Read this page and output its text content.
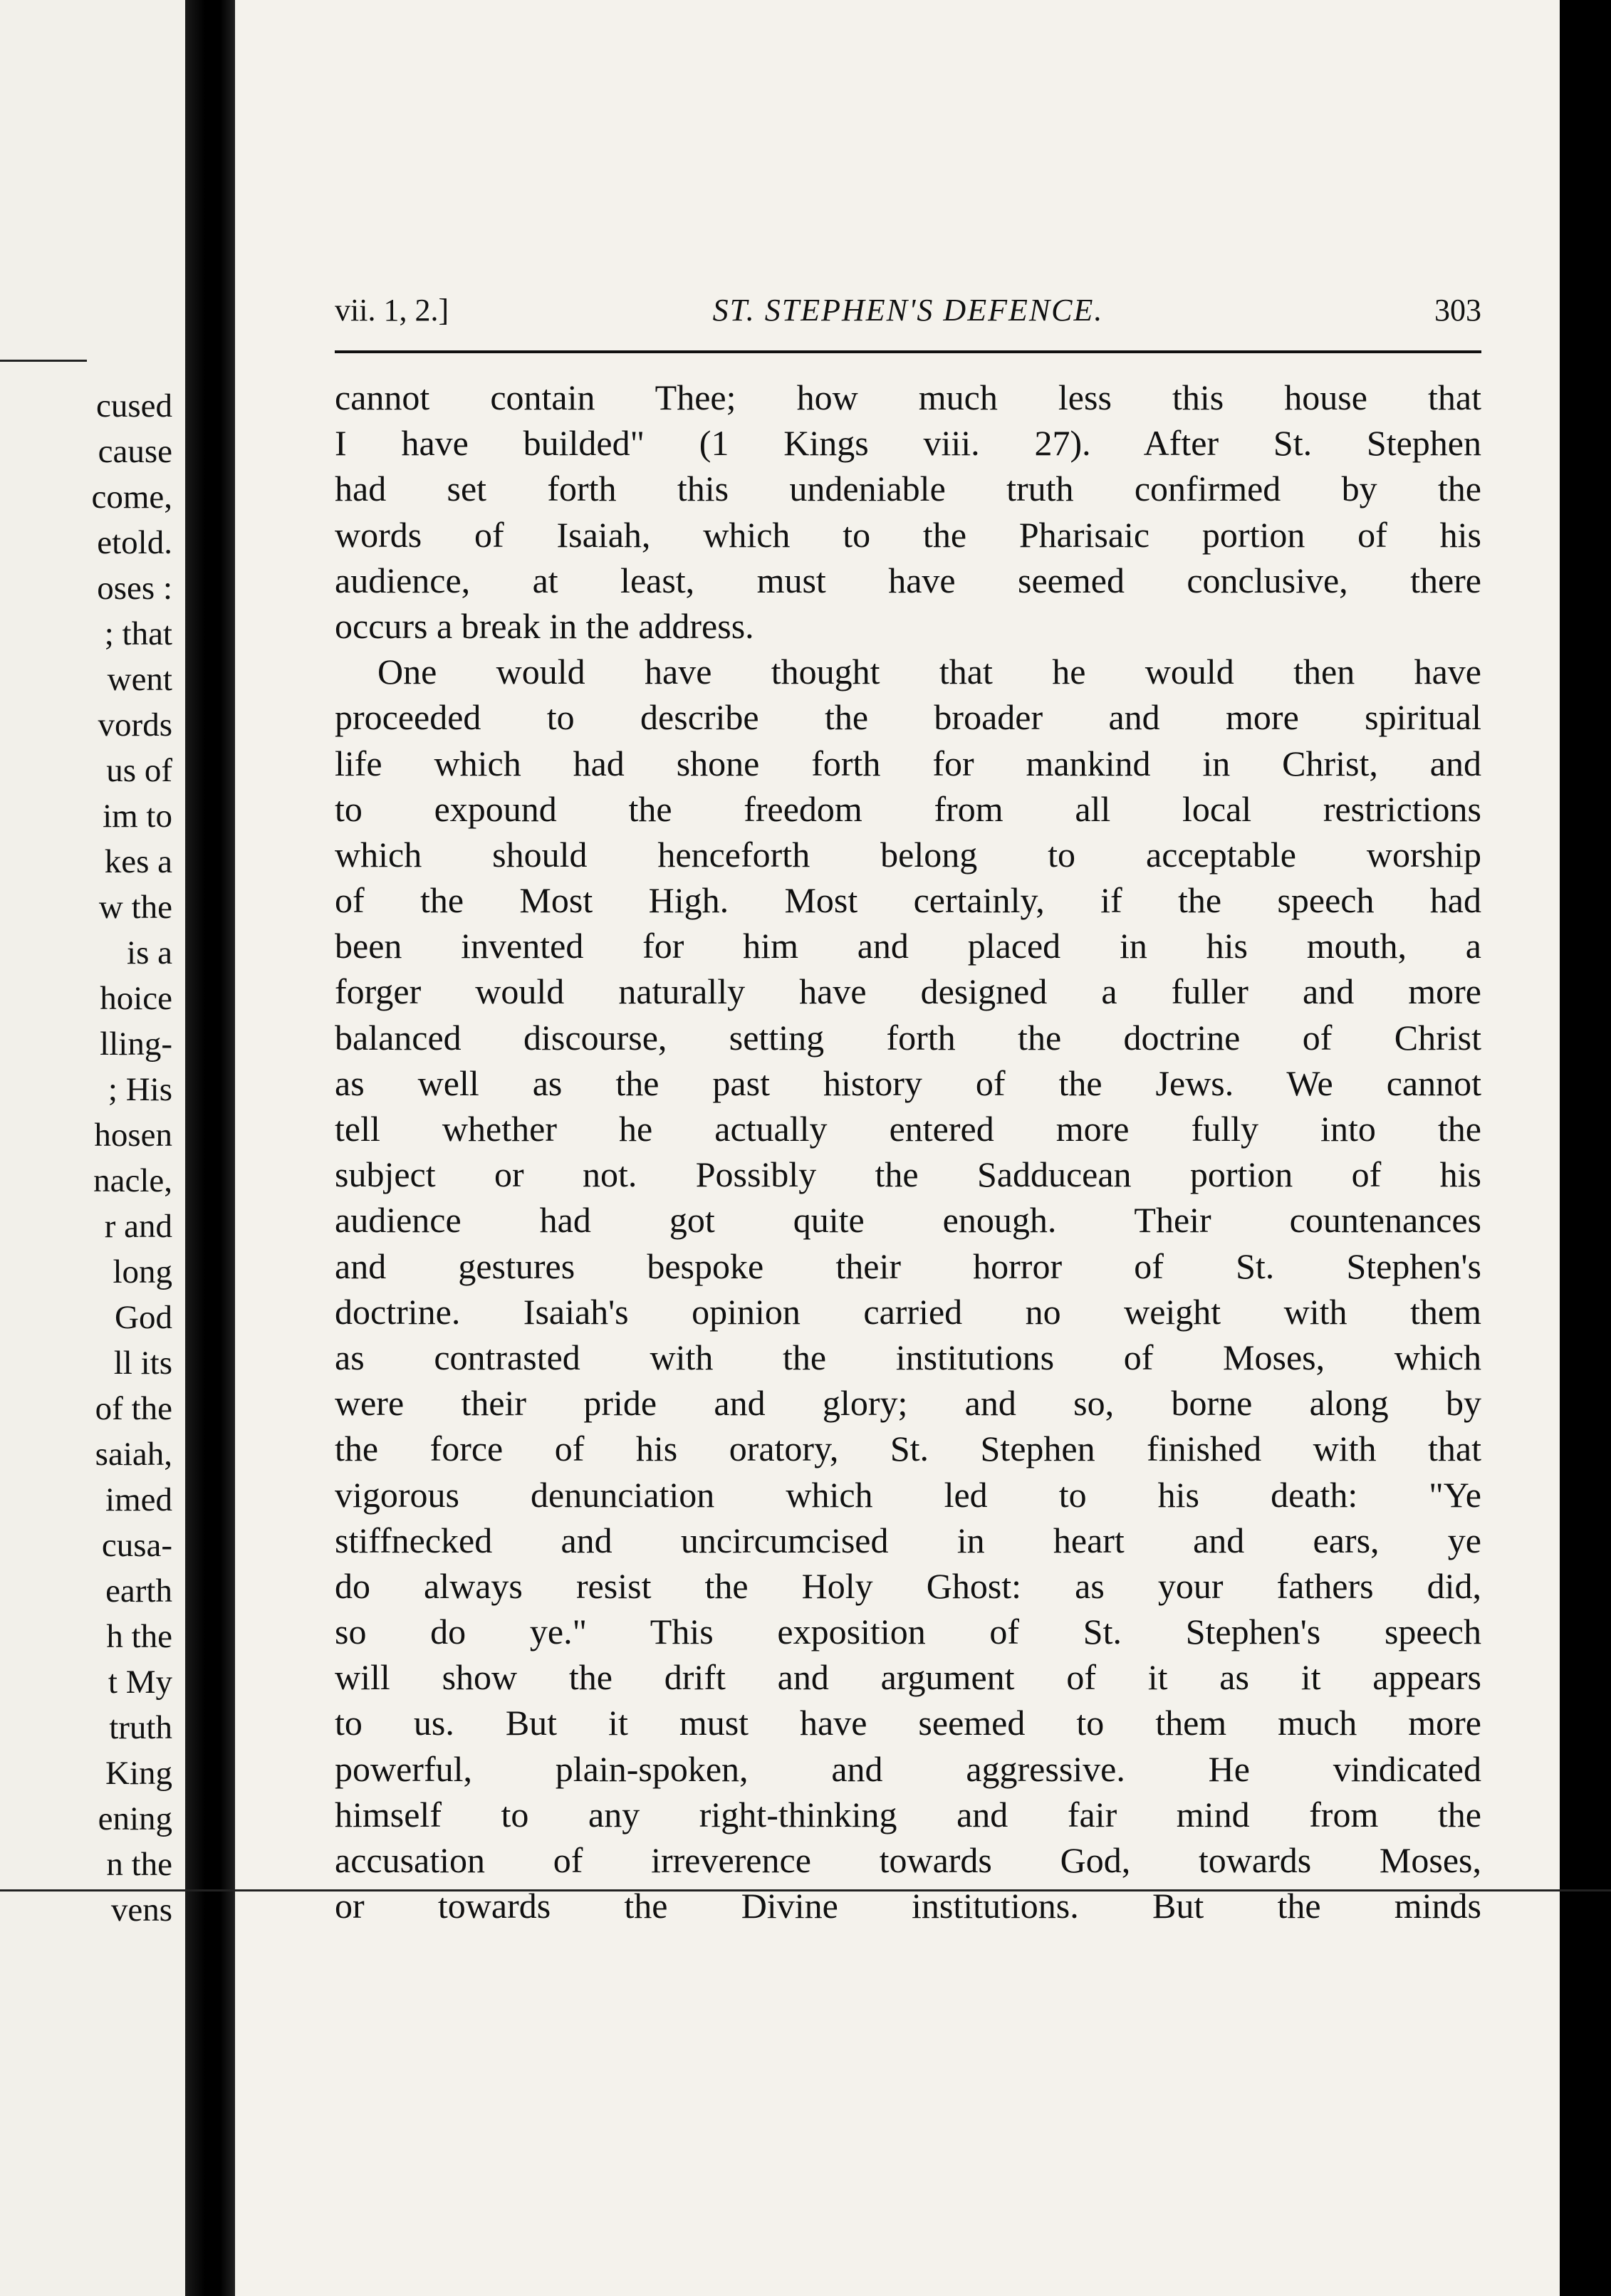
cused
cause
come,
etold.
oses :
; that
went
vords
us of
im to
kes a
w the
is a
hoice
lling-
; His
hosen
nacle,
r and
long
God
ll its
of the
saiah,
imed
cusa-
earth
h the
t My
truth
King
ening
n the
vens
vii. 1, 2.]	ST. STEPHEN'S DEFENCE.	303
cannot contain Thee; how much less this house that
I have builded" (1 Kings viii. 27). After St. Stephen
had set forth this undeniable truth confirmed by the
words of Isaiah, which to the Pharisaic portion of his
audience, at least, must have seemed conclusive, there
occurs a break in the address.
One would have thought that he would then have
proceeded to describe the broader and more spiritual
life which had shone forth for mankind in Christ, and
to expound the freedom from all local restrictions
which should henceforth belong to acceptable worship
of the Most High. Most certainly, if the speech had
been invented for him and placed in his mouth, a
forger would naturally have designed a fuller and more
balanced discourse, setting forth the doctrine of Christ
as well as the past history of the Jews. We cannot
tell whether he actually entered more fully into the
subject or not. Possibly the Sadducean portion of his
audience had got quite enough. Their countenances
and gestures bespoke their horror of St. Stephen's
doctrine. Isaiah's opinion carried no weight with them
as contrasted with the institutions of Moses, which
were their pride and glory; and so, borne along by
the force of his oratory, St. Stephen finished with that
vigorous denunciation which led to his death: "Ye
stiffnecked and uncircumcised in heart and ears, ye
do always resist the Holy Ghost: as your fathers did,
so do ye." This exposition of St. Stephen's speech
will show the drift and argument of it as it appears
to us. But it must have seemed to them much more
powerful, plain-spoken, and aggressive. He vindicated
himself to any right-thinking and fair mind from the
accusation of irreverence towards God, towards Moses,
or towards the Divine institutions. But the minds
